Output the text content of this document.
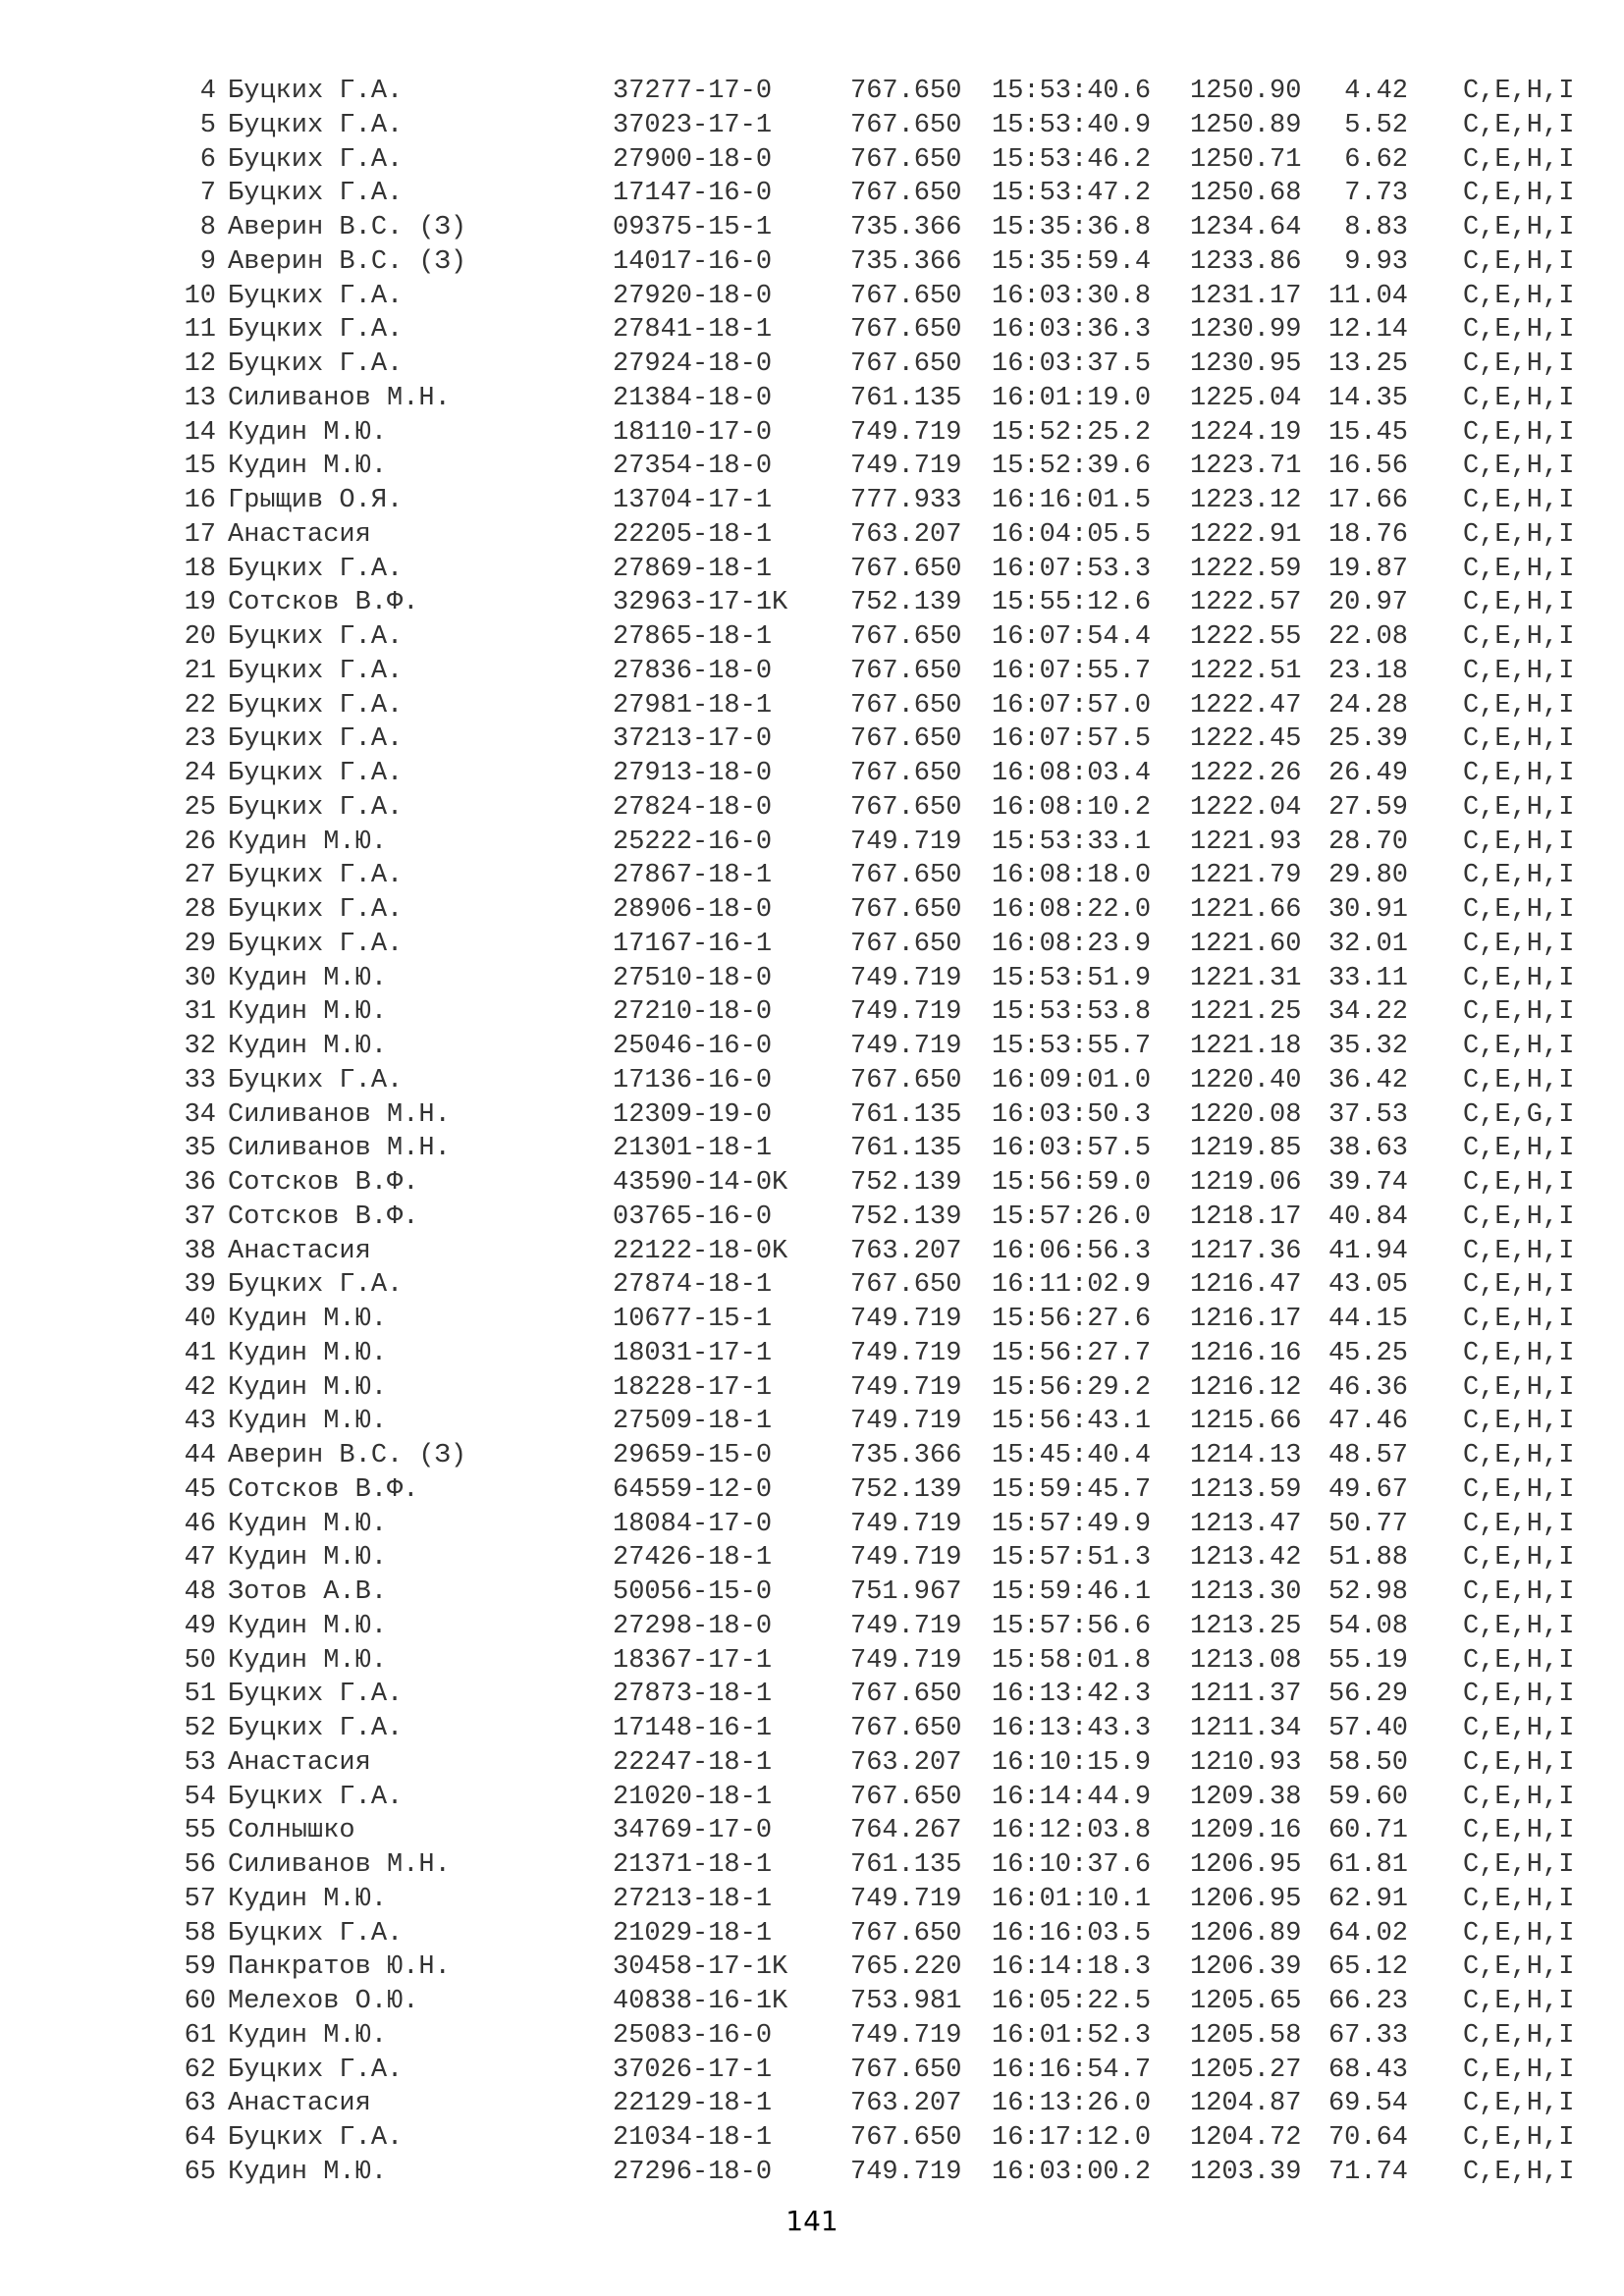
4 Буцких Г.А.	37277-17-0	767.650 15:53:40.6 1250.90	4.42 C,E,H,I
5 Буцких Г.А.	37023-17-1	767.650 15:53:40.9 1250.89	5.52 C,E,H,I
6 Буцких Г.А.	27900-18-0	767.650 15:53:46.2 1250.71	6.62 C,E,H,I
7 Буцких Г.А.	17147-16-0	767.650 15:53:47.2 1250.68	7.73 C,E,H,I
8 Аверин В.С. (З)	09375-15-1	735.366 15:35:36.8 1234.64	8.83 C,E,H,I
9 Аверин В.С. (З)	14017-16-0	735.366 15:35:59.4 1233.86	9.93 C,E,H,I
10 Буцких Г.А.	27920-18-0	767.650 16:03:30.8 1231.17	11.04 C,E,H,I
11 Буцких Г.А.	27841-18-1	767.650 16:03:36.3 1230.99	12.14 C,E,H,I
12 Буцких Г.А.	27924-18-0	767.650 16:03:37.5 1230.95	13.25 C,E,H,I
13 Силиванов М.Н.	21384-18-0	761.135 16:01:19.0 1225.04	14.35 C,E,H,I
14 Кудин М.Ю.	18110-17-0	749.719 15:52:25.2 1224.19	15.45 C,E,H,I
15 Кудин М.Ю.	27354-18-0	749.719 15:52:39.6 1223.71	16.56 C,E,H,I
16 Грыщив О.Я.	13704-17-1	777.933 16:16:01.5 1223.12	17.66 C,E,H,I
17 Анастасия	22205-18-1	763.207 16:04:05.5 1222.91	18.76 C,E,H,I
18 Буцких Г.А.	27869-18-1	767.650 16:07:53.3 1222.59	19.87 C,E,H,I
19 Сотсков В.Ф.	32963-17-1K 752.139 15:55:12.6 1222.57	20.97 C,E,H,I
20 Буцких Г.А.	27865-18-1	767.650 16:07:54.4 1222.55	22.08 C,E,H,I
21 Буцких Г.А.	27836-18-0	767.650 16:07:55.7 1222.51	23.18 C,E,H,I
22 Буцких Г.А.	27981-18-1	767.650 16:07:57.0 1222.47	24.28 C,E,H,I
23 Буцких Г.А.	37213-17-0	767.650 16:07:57.5 1222.45	25.39 C,E,H,I
24 Буцких Г.А.	27913-18-0	767.650 16:08:03.4 1222.26	26.49 C,E,H,I
25 Буцких Г.А.	27824-18-0	767.650 16:08:10.2 1222.04	27.59 C,E,H,I
26 Кудин М.Ю.	25222-16-0	749.719 15:53:33.1 1221.93	28.70 C,E,H,I
27 Буцких Г.А.	27867-18-1	767.650 16:08:18.0 1221.79	29.80 C,E,H,I
28 Буцких Г.А.	28906-18-0	767.650 16:08:22.0 1221.66	30.91 C,E,H,I
29 Буцких Г.А.	17167-16-1	767.650 16:08:23.9 1221.60	32.01 C,E,H,I
30 Кудин М.Ю.	27510-18-0	749.719 15:53:51.9 1221.31	33.11 C,E,H,I
31 Кудин М.Ю.	27210-18-0	749.719 15:53:53.8 1221.25	34.22 C,E,H,I
32 Кудин М.Ю.	25046-16-0	749.719 15:53:55.7 1221.18	35.32 C,E,H,I
33 Буцких Г.А.	17136-16-0	767.650 16:09:01.0 1220.40	36.42 C,E,H,I
34 Силиванов М.Н.	12309-19-0	761.135 16:03:50.3 1220.08	37.53 C,E,G,I
35 Силиванов М.Н.	21301-18-1	761.135 16:03:57.5 1219.85	38.63 C,E,H,I
36 Сотсков В.Ф.	43590-14-0K 752.139 15:56:59.0 1219.06	39.74 C,E,H,I
37 Сотсков В.Ф.	03765-16-0	752.139 15:57:26.0 1218.17	40.84 C,E,H,I
38 Анастасия	22122-18-0K 763.207 16:06:56.3 1217.36	41.94 C,E,H,I
39 Буцких Г.А.	27874-18-1	767.650 16:11:02.9 1216.47	43.05 C,E,H,I
40 Кудин М.Ю.	10677-15-1	749.719 15:56:27.6 1216.17	44.15 C,E,H,I
41 Кудин М.Ю.	18031-17-1	749.719 15:56:27.7 1216.16	45.25 C,E,H,I
42 Кудин М.Ю.	18228-17-1	749.719 15:56:29.2 1216.12	46.36 C,E,H,I
43 Кудин М.Ю.	27509-18-1	749.719 15:56:43.1 1215.66	47.46 C,E,H,I
44 Аверин В.С. (З)	29659-15-0	735.366 15:45:40.4 1214.13	48.57 C,E,H,I
45 Сотсков В.Ф.	64559-12-0	752.139 15:59:45.7 1213.59	49.67 C,E,H,I
46 Кудин М.Ю.	18084-17-0	749.719 15:57:49.9 1213.47	50.77 C,E,H,I
47 Кудин М.Ю.	27426-18-1	749.719 15:57:51.3 1213.42	51.88 C,E,H,I
48 Зотов А.В.	50056-15-0	751.967 15:59:46.1 1213.30	52.98 C,E,H,I
49 Кудин М.Ю.	27298-18-0	749.719 15:57:56.6 1213.25	54.08 C,E,H,I
50 Кудин М.Ю.	18367-17-1	749.719 15:58:01.8 1213.08	55.19 C,E,H,I
51 Буцких Г.А.	27873-18-1	767.650 16:13:42.3 1211.37	56.29 C,E,H,I
52 Буцких Г.А.	17148-16-1	767.650 16:13:43.3 1211.34	57.40 C,E,H,I
53 Анастасия	22247-18-1	763.207 16:10:15.9 1210.93	58.50 C,E,H,I
54 Буцких Г.А.	21020-18-1	767.650 16:14:44.9 1209.38	59.60 C,E,H,I
55 Солнышко	34769-17-0	764.267 16:12:03.8 1209.16	60.71 C,E,H,I
56 Силиванов М.Н.	21371-18-1	761.135 16:10:37.6 1206.95	61.81 C,E,H,I
57 Кудин М.Ю.	27213-18-1	749.719 16:01:10.1 1206.95	62.91 C,E,H,I
58 Буцких Г.А.	21029-18-1	767.650 16:16:03.5 1206.89	64.02 C,E,H,I
59 Панкратов Ю.Н.	30458-17-1K 765.220 16:14:18.3 1206.39	65.12 C,E,H,I
60 Мелехов О.Ю.	40838-16-1K 753.981 16:05:22.5 1205.65	66.23 C,E,H,I
61 Кудин М.Ю.	25083-16-0	749.719 16:01:52.3 1205.58	67.33 C,E,H,I
62 Буцких Г.А.	37026-17-1	767.650 16:16:54.7 1205.27	68.43 C,E,H,I
63 Анастасия	22129-18-1	763.207 16:13:26.0 1204.87	69.54 C,E,H,I
64 Буцких Г.А.	21034-18-1	767.650 16:17:12.0 1204.72	70.64 C,E,H,I
65 Кудин М.Ю.	27296-18-0	749.719 16:03:00.2 1203.39	71.74 C,E,H,I
141
